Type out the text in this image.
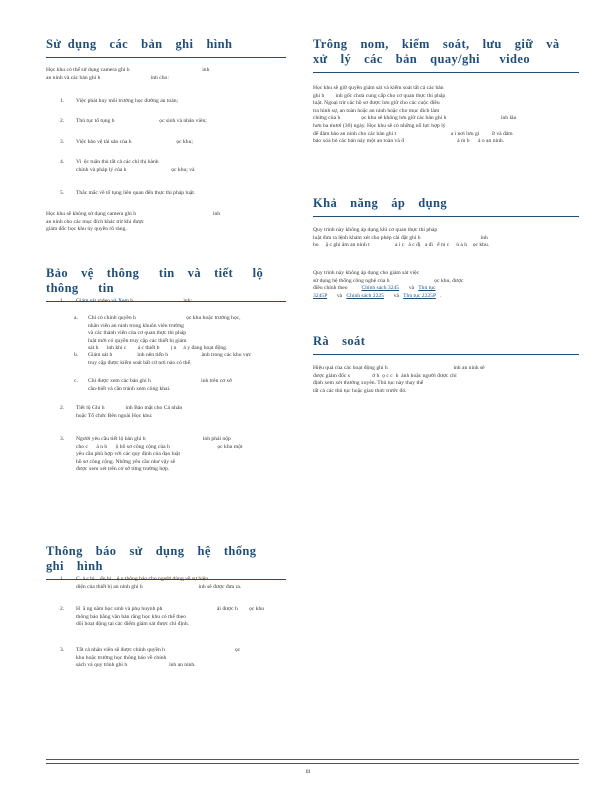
Sử dụng  các  bản  ghi  hình

Học khu có thể sử dụng camera ghi h                                                    ình
an ninh và các bản ghi h                                    ình cho:

1. Việc phát huy môi trường học đường an toàn;
2. Thủ tục tố tụng h                                ọc sinh và nhân viên;
3. Việc bảo vệ tài sản của h                                ọc khu;
4. Vi  ệc tuân thủ tất cả các chỉ thị hành
chính và pháp lý của h                                ọc khu; và
5. Thắc mắc về tố tụng liên quan đến thực thi pháp luật.

Học khu sẽ không sử dụng camera ghi h                                                       ình
an ninh cho các mục đích khác trừ khi được
giám đốc học khu ủy quyền rõ ràng.

Bảo  vệ  thông   tin  và  tiết   lộ  thông   tin
1. Giám sát video và Xem h                                    ình:
a. Chỉ có chính quyền h                                    ọc khu hoặc trường học,
nhân viên an ninh trong khuôn viên trường
và các thành viên của cơ quan thực thi pháp
luật mới có quyền truy cập các thiết bị giám
sát h      ình khi c        á c thiết b        ị n     á y đang hoạt động.
b. Giám sát h                  ình nên tiến h                        ành trong các khu vực
truy cập được kiểm soát bất cứ nơi nào có thể.
c. Chỉ được xem các bản ghi h                                    ình trên cơ sở
cần-biết và cần tránh xem công khai.
2. Tiết lộ Ghi h               ình Bảo mật cho Cá nhân
hoặc Tổ chức Bên ngoài Học khu:
3. Người yêu cầu tiết lộ bản ghi h                                         ình phải nộp
cho c      á n b      ộ hồ sơ công cộng của h                                  ọc khu một
yêu cầu phù hợp với các quy định của đạo luật
hồ sơ công cộng. Những yêu cầu như vậy sẽ
được xem xét trên cơ sở từng trường hợp.
Thông  báo  sử  dụng  hệ  thống  ghi  hình
1. C  á c bi    ển hi    ệ u thông báo cho người dùng về sự hiện
diện của thiết bị an ninh ghi h                                        ình sẽ được đưa ra.
2. H  ằ ng năm học sinh và phụ huynh ph                                       ải được h        ọc khu
thông báo bằng văn bản rằng học khu có thể theo
dõi hoạt động tại các điểm giám sát được chỉ định.
3. Tất cả nhân viên sẽ được chính quyền h                                                  ọc
khu hoặc trường học thông báo về chính
sách và quy trình ghi h                              ình an ninh.
Trông  nom,  kiểm  soát,  lưu  giữ  và
xử  lý  các  bản  quay/ghi   video

Học khu sẽ giữ quyền giám sát và kiểm soát tất cả các bản
ghi h        ình gốc chưa cung cấp cho cơ quan thực thi pháp
luật. Ngoại trừ các hồ sơ được lưu giữ cho các cuộc điều
tra hình sự, an toàn hoặc an ninh hoặc cho mục đích làm
chứng của h               ọc khu sẽ không lưu giữ các bản ghi h                                       ình lâu
hơn ba mươi (30) ngày. Học khu sẽ có những nỗ lực hợp lý
để đảm bảo an ninh cho các bản ghi t                                       a i nơi lưu gi         ữ và đảm
bảo xóa bỏ các bản này một an toàn và đ                                      á m b      ả o an ninh.

Khả  năng  áp  dụng

Quy trình này không áp dụng khi cơ quan thực thi pháp
luật đưa ra lệnh khám xét cho phép cài đặt ghi h                                           ình
ho     ặ c ghi âm an ninh t                  a i c   á c đị   a đi   ể m c     ủ a h    ọc khu.

Quy trình này không áp dụng cho giám sát việc
sử dụng hệ thống công nghệ của h                                ọc khu, được
điều chỉnh theo          Chính sách 3245       và   Thủ tục
3245P       và   Chính sách 2225       và   Thủ tục 2225P   .

Rà  soát

Hiệu quả của các hoạt động ghi h                                               ình an ninh sẽ
được giám đốc s                ở h  ọ c c  h  ánh hoặc người được chỉ
định xem xét thường xuyên. Thủ tục này thay thế
tất cả các thủ tục hoặc giao thức trước đó.

iii
